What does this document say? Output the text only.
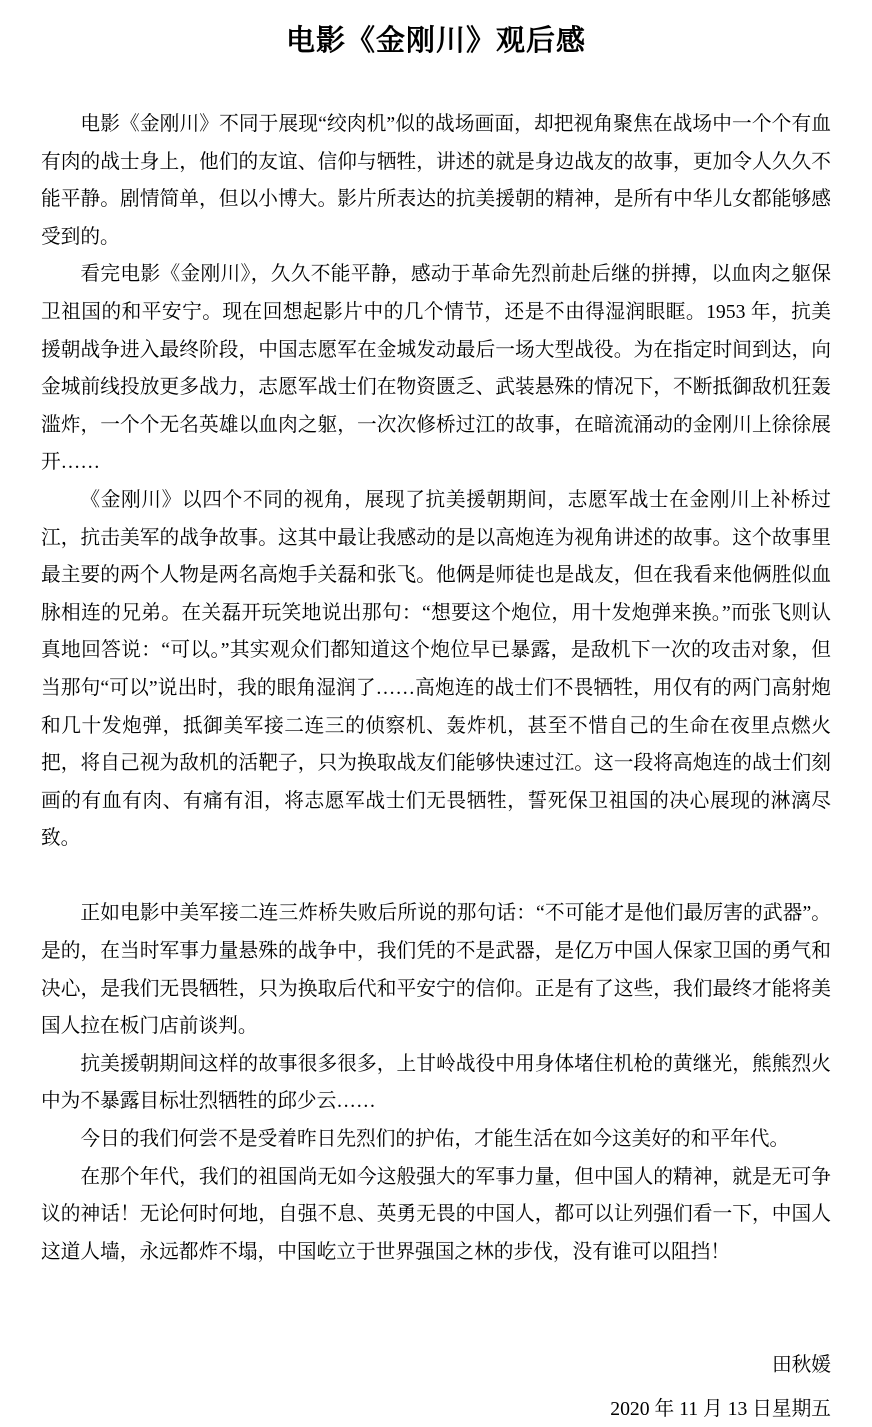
电影《金刚川》观后感

电影《金刚川》不同于展现“绞肉机”似的战场画面，却把视角聚焦在战场中一个个有血有肉的战士身上，他们的友谊、信仰与牺牲，讲述的就是身边战友的故事，更加令人久久不能平静。剧情简单，但以小博大。影片所表达的抗美援朝的精神，是所有中华儿女都能够感受到的。

看完电影《金刚川》，久久不能平静，感动于革命先烈前赴后继的拼搏，以血肉之躯保卫祖国的和平安宁。现在回想起影片中的几个情节，还是不由得湿润眼眶。1953 年，抗美援朝战争进入最终阶段，中国志愿军在金城发动最后一场大型战役。为在指定时间到达，向金城前线投放更多战力，志愿军战士们在物资匮乏、武装悬殊的情况下，不断抵御敌机狂轰滥炸，一个个无名英雄以血肉之躯，一次次修桥过江的故事，在暗流涌动的金刚川上徐徐展开……

《金刚川》以四个不同的视角，展现了抗美援朝期间，志愿军战士在金刚川上补桥过江，抗击美军的战争故事。这其中最让我感动的是以高炮连为视角讲述的故事。这个故事里最主要的两个人物是两名高炮手关磊和张飞。他俩是师徒也是战友，但在我看来他俩胜似血脉相连的兄弟。在关磊开玩笑地说出那句：“想要这个炮位，用十发炮弹来换。”而张飞则认真地回答说：“可以。”其实观众们都知道这个炮位早已暴露，是敌机下一次的攻击对象，但当那句“可以”说出时，我的眼角湿润了……高炮连的战士们不畏牺牲，用仅有的两门高射炮和几十发炮弹，抵御美军接二连三的侦察机、轰炸机，甚至不惜自己的生命在夜里点燃火把，将自己视为敌机的活靶子，只为换取战友们能够快速过江。这一段将高炮连的战士们刻画的有血有肉、有痛有泪，将志愿军战士们无畏牺牲，誓死保卫祖国的决心展现的淋漓尽致。

正如电影中美军接二连三炸桥失败后所说的那句话：“不可能才是他们最厉害的武器”。是的，在当时军事力量悬殊的战争中，我们凭的不是武器，是亿万中国人保家卫国的勇气和决心，是我们无畏牺牲，只为换取后代和平安宁的信仰。正是有了这些，我们最终才能将美国人拉在板门店前谈判。

抗美援朝期间这样的故事很多很多，上甘岭战役中用身体堵住机枪的黄继光，熊熊烈火中为不暴露目标壮烈牺牲的邱少云……

今日的我们何尝不是受着昨日先烈们的护佑，才能生活在如今这美好的和平年代。

在那个年代，我们的祖国尚无如今这般强大的军事力量，但中国人的精神，就是无可争议的神话！无论何时何地，自强不息、英勇无畏的中国人，都可以让列强们看一下，中国人这道人墙，永远都炸不塌，中国屹立于世界强国之林的步伐，没有谁可以阻挡！

田秋媛
2020 年 11 月 13 日星期五
